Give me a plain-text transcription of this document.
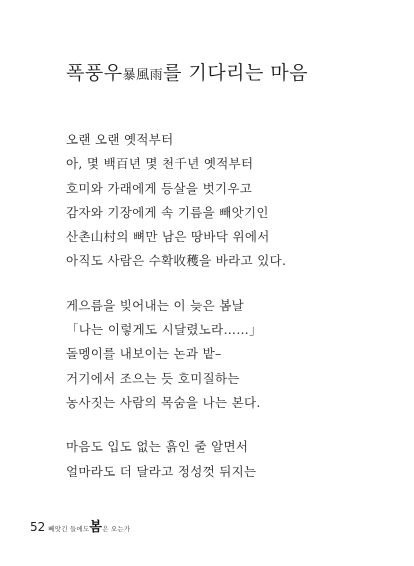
폭풍우暴風雨를 기다리는 마음
오랜 오랜 옛적부터
아, 몇 백百년 몇 천千년 옛적부터
호미와 가래에게 등살을 벗기우고
감자와 기장에게 속 기름을 빼앗기인
산촌山村의 뼈만 남은 땅바닥 위에서
아직도 사람은 수확收穫을 바라고 있다.
게으름을 빚어내는 이 늦은 봄날
「나는 이렇게도 시달렸노라……」
돌멩이를 내보이는 논과 밭–
거기에서 조으는 듯 호미질하는
농사짓는 사람의 목숨을 나는 본다.
마음도 입도 없는 흙인 줄 알면서
얼마라도 더 달라고 정성껏 뒤지는
52 빼앗긴 들에도봄은 오는가
